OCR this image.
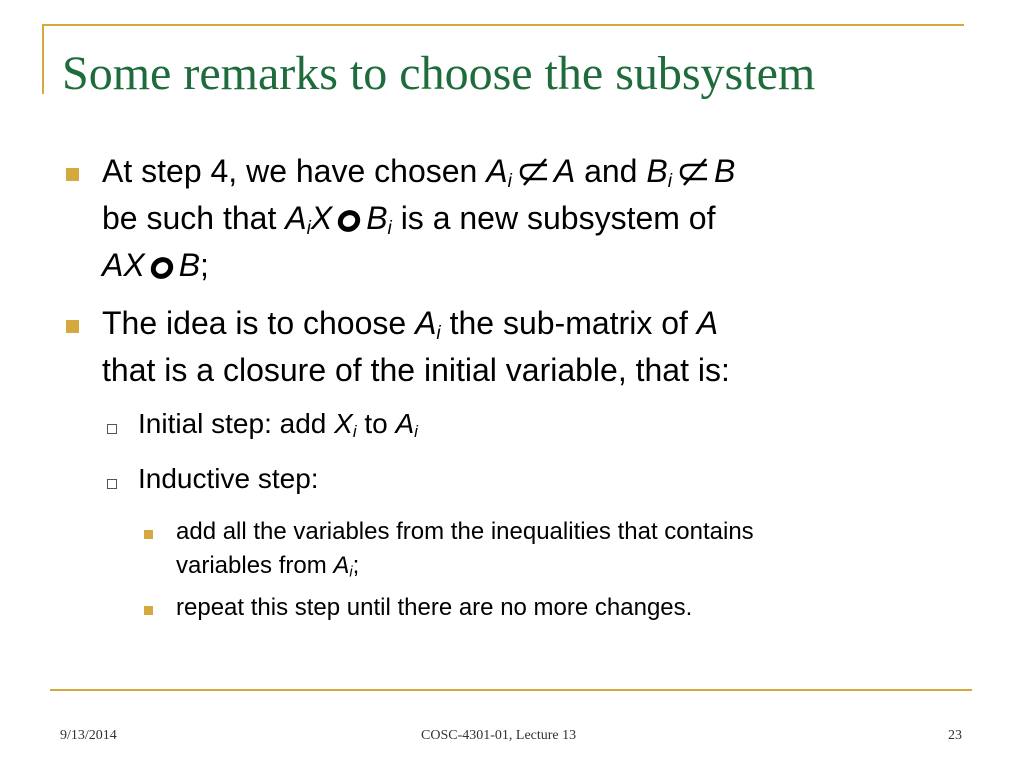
Some remarks to choose the subsystem
At step 4, we have chosen $A_i$ A and $B_i$ B
be such that $A_iX$ $B_i$ is a new subsystem of
AX B;
The idea is to choose $A_i$ the sub-matrix of A
that is a closure of the initial variable, that is:
Initial step: add $X_i$ to $A_i$
Inductive step:
add all the variables from the inequalities that contains
variables from $A_i$;
repeat this step until there are no more changes.
9/13/2014	COSC-4301-01, Lecture 13	23
